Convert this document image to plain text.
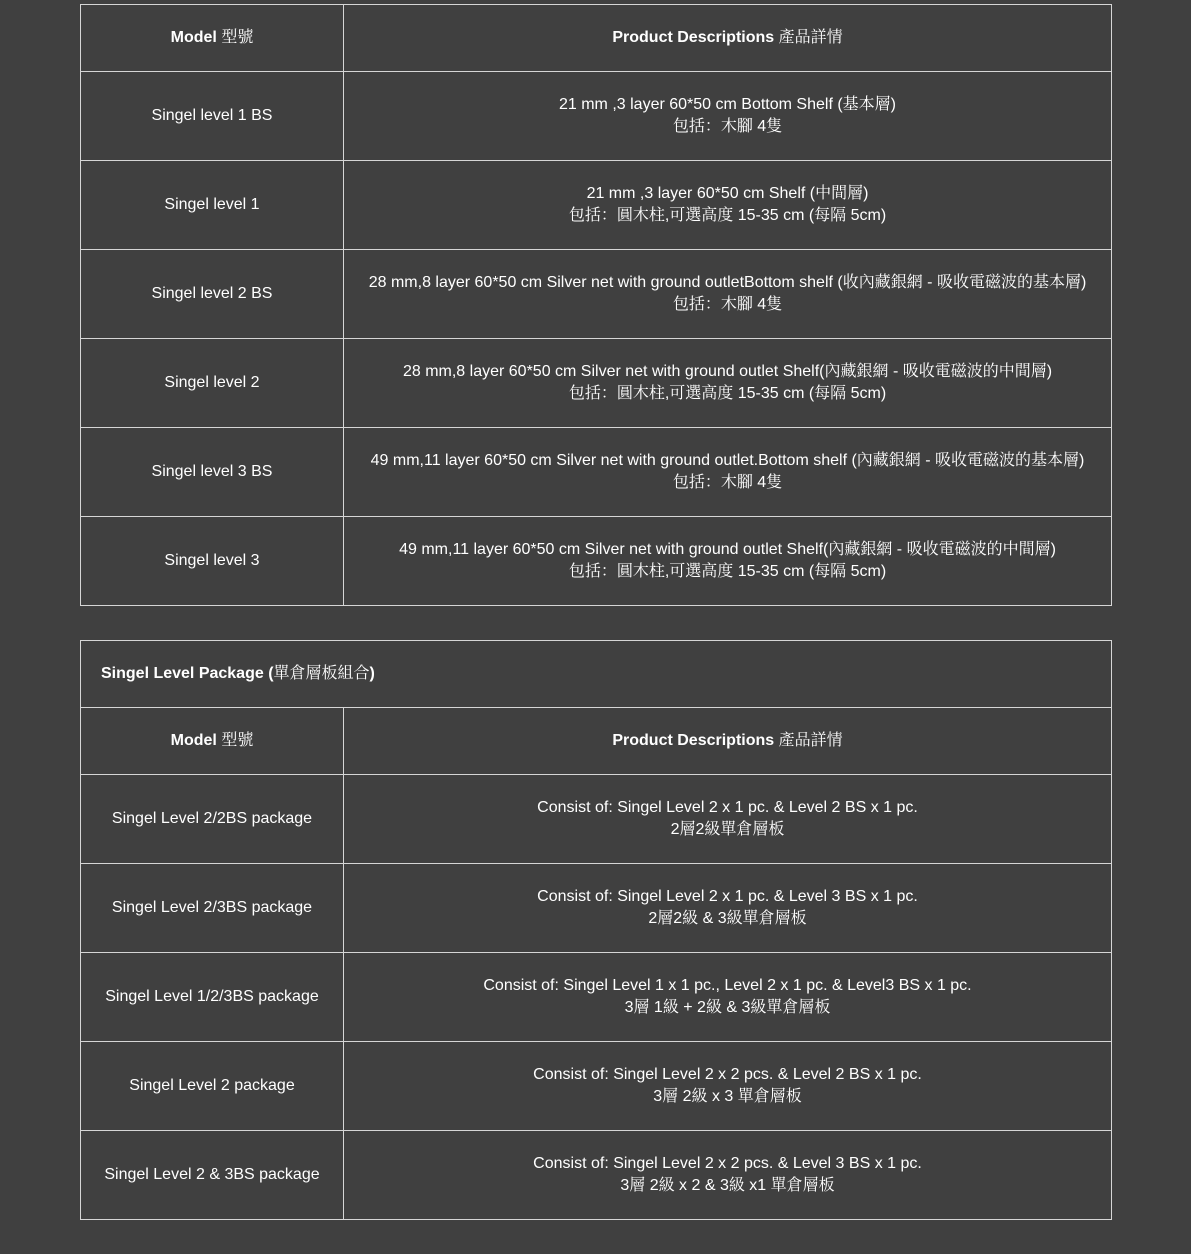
Model 型號	Product Descriptions 產品詳情
Singel level 1 BS	21 mm ,3 layer 60*50 cm Bottom Shelf (基本層)
包括：木腳 4隻

Singel level 1	21 mm ,3 layer 60*50 cm Shelf (中間層)
包括：圓木柱,可選高度 15-35 cm (每隔 5cm)

Singel level 2 BS	28 mm,8 layer 60*50 cm Silver net with ground outletBottom shelf (收內藏銀網 - 吸收電磁波的基本層)
包括：木腳 4隻

Singel level 2	28 mm,8 layer 60*50 cm Silver net with ground outlet Shelf(內藏銀網 - 吸收電磁波的中間層)
包括：圓木柱,可選高度 15-35 cm (每隔 5cm)

Singel level 3 BS	49 mm,11 layer 60*50 cm Silver net with ground outlet.Bottom shelf (內藏銀網 - 吸收電磁波的基本層)
包括：木腳 4隻

Singel level 3	49 mm,11 layer 60*50 cm Silver net with ground outlet Shelf(內藏銀網 - 吸收電磁波的中間層)
包括：圓木柱,可選高度 15-35 cm (每隔 5cm)
Singel Level Package (單倉層板組合)	
Model 型號	Product Descriptions 產品詳情
Singel Level 2/2BS package	Consist of: Singel Level 2 x 1 pc. & Level 2 BS x 1 pc.
2層2級單倉層板

Singel Level 2/3BS package	Consist of: Singel Level 2 x 1 pc. & Level 3 BS x 1 pc.
2層2級 & 3級單倉層板

Singel Level 1/2/3BS package	Consist of: Singel Level 1 x 1 pc., Level 2 x 1 pc. & Level3 BS x 1 pc.
3層 1級 + 2級 & 3級單倉層板

Singel Level 2 package	Consist of: Singel Level 2 x 2 pcs. & Level 2 BS x 1 pc.
3層 2級 x 3 單倉層板

Singel Level 2 & 3BS package	Consist of: Singel Level 2 x 2 pcs. & Level 3 BS x 1 pc.
3層 2級 x 2 & 3級 x1 單倉層板
